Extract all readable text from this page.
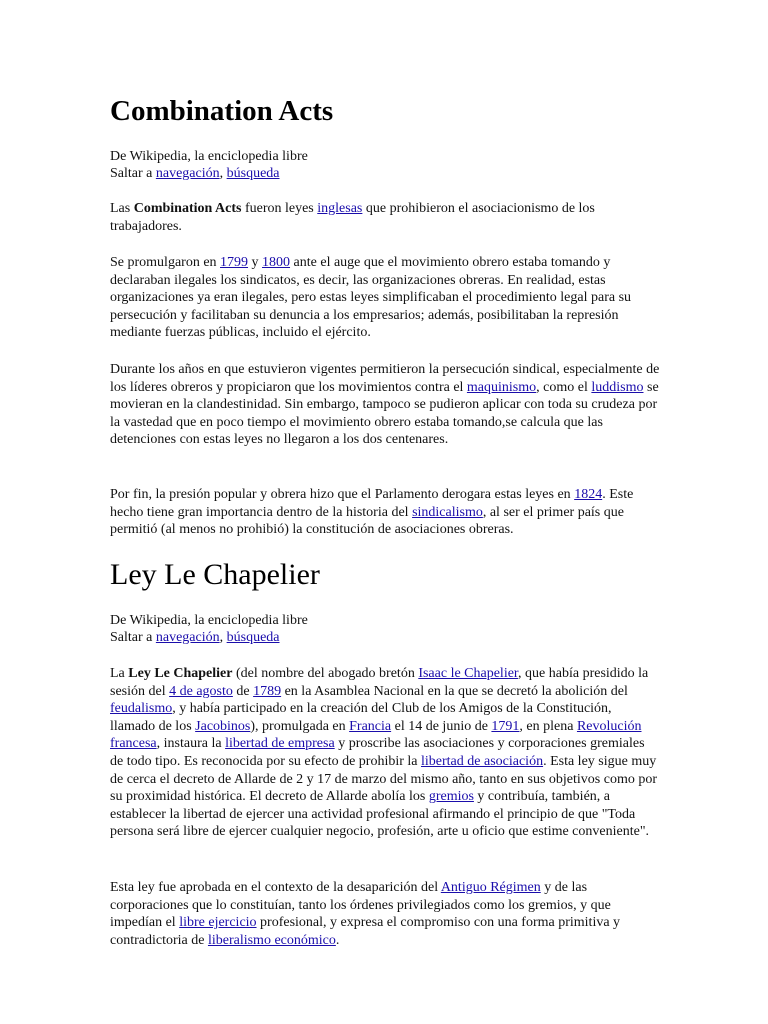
Combination Acts
De Wikipedia, la enciclopedia libre
Saltar a navegación, búsqueda

Las Combination Acts fueron leyes inglesas que prohibieron el asociacionismo de los trabajadores.

Se promulgaron en 1799 y 1800 ante el auge que el movimiento obrero estaba tomando y declaraban ilegales los sindicatos, es decir, las organizaciones obreras. En realidad, estas organizaciones ya eran ilegales, pero estas leyes simplificaban el procedimiento legal para su persecución y facilitaban su denuncia a los empresarios; además, posibilitaban la represión mediante fuerzas públicas, incluido el ejército.

Durante los años en que estuvieron vigentes permitieron la persecución sindical, especialmente de los líderes obreros y propiciaron que los movimientos contra el maquinismo, como el luddismo se movieran en la clandestinidad. Sin embargo, tampoco se pudieron aplicar con toda su crudeza por la vastedad que en poco tiempo el movimiento obrero estaba tomando,se calcula que las detenciones con estas leyes no llegaron a los dos centenares.

Por fin, la presión popular y obrera hizo que el Parlamento derogara estas leyes en 1824. Este hecho tiene gran importancia dentro de la historia del sindicalismo, al ser el primer país que permitió (al menos no prohibió) la constitución de asociaciones obreras.

Ley Le Chapelier
De Wikipedia, la enciclopedia libre
Saltar a navegación, búsqueda

La Ley Le Chapelier (del nombre del abogado bretón Isaac le Chapelier, que había presidido la sesión del 4 de agosto de 1789 en la Asamblea Nacional en la que se decretó la abolición del feudalismo, y había participado en la creación del Club de los Amigos de la Constitución, llamado de los Jacobinos), promulgada en Francia el 14 de junio de 1791, en plena Revolución francesa, instaura la libertad de empresa y proscribe las asociaciones y corporaciones gremiales de todo tipo. Es reconocida por su efecto de prohibir la libertad de asociación. Esta ley sigue muy de cerca el decreto de Allarde de 2 y 17 de marzo del mismo año, tanto en sus objetivos como por su proximidad histórica. El decreto de Allarde abolía los gremios y contribuía, también, a establecer la libertad de ejercer una actividad profesional afirmando el principio de que "Toda persona será libre de ejercer cualquier negocio, profesión, arte u oficio que estime conveniente".

Esta ley fue aprobada en el contexto de la desaparición del Antiguo Régimen y de las corporaciones que lo constituían, tanto los órdenes privilegiados como los gremios, y que impedían el libre ejercicio profesional, y expresa el compromiso con una forma primitiva y contradictoria de liberalismo económico.
